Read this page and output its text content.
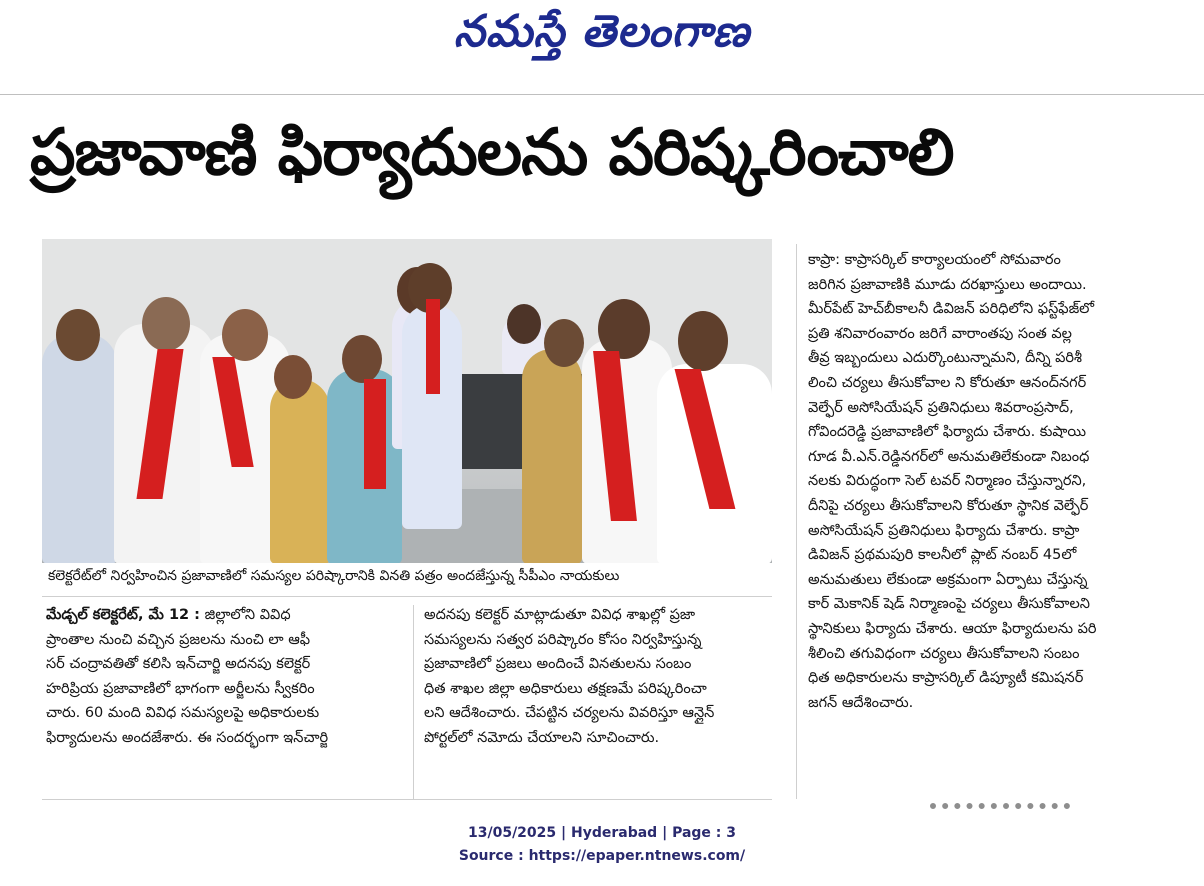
నమస్తే తెలంగాణ
ప్రజావాణి ఫిర్యాదులను పరిష్కరించాలి
కలెక్టరేట్‌లో నిర్వహించిన ప్రజావాణిలో సమస్యల పరిష్కారానికి వినతి పత్రం అందజేస్తున్న సీపీఎం నాయకులు
మేడ్చల్ కలెక్టరేట్, మే 12 : జిల్లాలోని వివిధ
ప్రాంతాల నుంచి వచ్చిన ప్రజలను నుంచి లా ఆఫీ
సర్ చంద్రావతితో కలిసి ఇన్‌చార్జి అదనపు కలెక్టర్
హరిప్రియ ప్రజావాణిలో భాగంగా అర్జీలను స్వీకరిం
చారు. 60 మంది వివిధ సమస్యలపై అధికారులకు
ఫిర్యాదులను అందజేశారు. ఈ సందర్భంగా ఇన్‌చార్జి
అదనపు కలెక్టర్ మాట్లాడుతూ వివిధ శాఖల్లో ప్రజా
సమస్యలను సత్వర పరిష్కారం కోసం నిర్వహిస్తున్న
ప్రజావాణిలో ప్రజలు అందించే వినతులను సంబం
ధిత శాఖల జిల్లా అధికారులు తక్షణమే పరిష్కరించా
లని ఆదేశించారు. చేపట్టిన చర్యలను వివరిస్తూ ఆన్లైన్
పోర్టల్‌లో నమోదు చేయాలని సూచించారు.
కాప్రా: కాప్రాసర్కిల్ కార్యాలయంలో సోమవారం
జరిగిన ప్రజావాణికి మూడు దరఖాస్తులు అందాయి.
మీర్‌పేట్ హెచ్‌బీకాలనీ డివిజన్ పరిధిలోని ఫస్ట్‌ఫేజ్‌లో
ప్రతి శనివారంవారం జరిగే వారాంతపు సంత వల్ల
తీవ్ర ఇబ్బందులు ఎదుర్కొంటున్నామని, దీన్ని పరిశీ
లించి చర్యలు తీసుకోవాల ని కోరుతూ ఆనంద్‌నగర్
వెల్ఫేర్ అసోసియేషన్ ప్రతినిధులు శివరాంప్రసాద్,
గోవిందరెడ్డి ప్రజావాణిలో ఫిర్యాదు చేశారు. కుషాయి
గూడ వీ.ఎన్.రెడ్డినగర్‌లో అనుమతిలేకుండా నిబంధ
నలకు విరుద్ధంగా సెల్ టవర్ నిర్మాణం చేస్తున్నారని,
దీనిపై చర్యలు తీసుకోవాలని కోరుతూ స్థానిక వెల్ఫేర్
అసోసియేషన్ ప్రతినిధులు ఫిర్యాదు చేశారు. కాప్రా
డివిజన్ ప్రథమపురి కాలనీలో ప్లాట్ నంబర్ 45లో
అనుమతులు లేకుండా అక్రమంగా ఏర్పాటు చేస్తున్న
కార్ మెకానిక్ షెడ్ నిర్మాణంపై చర్యలు తీసుకోవాలని
స్థానికులు ఫిర్యాదు చేశారు. ఆయా ఫిర్యాదులను పరి
శీలించి తగువిధంగా చర్యలు తీసుకోవాలని సంబం
ధిత అధికారులను కాప్రాసర్కిల్ డిప్యూటీ కమిషనర్
జగన్ ఆదేశించారు.
13/05/2025 | Hyderabad | Page : 3
Source : https://epaper.ntnews.com/
